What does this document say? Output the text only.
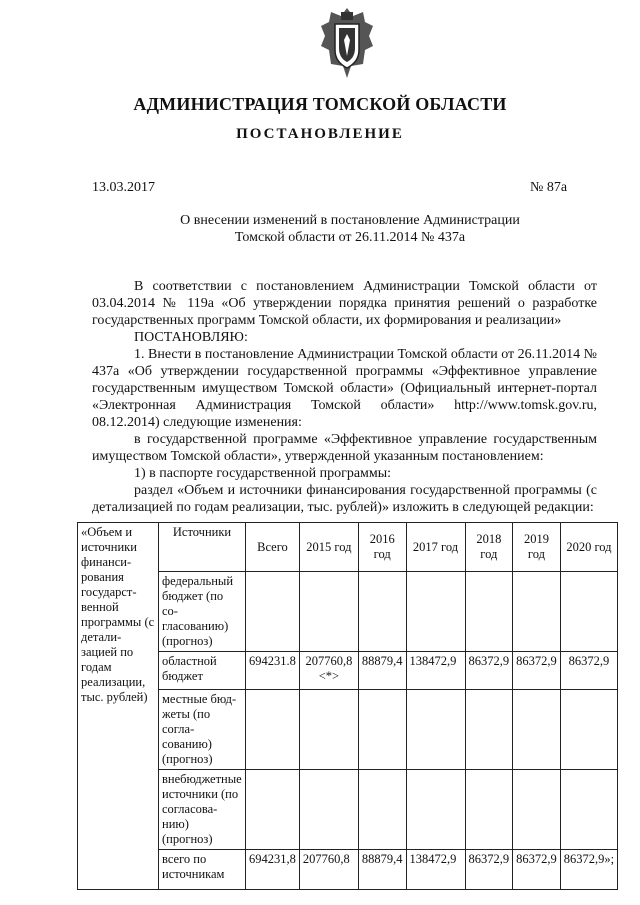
АДМИНИСТРАЦИЯ ТОМСКОЙ ОБЛАСТИ
ПОСТАНОВЛЕНИЕ
13.03.2017	№ 87а
О внесении изменений в постановление Администрации
Томской области от 26.11.2014 № 437а

В соответствии с постановлением Администрации Томской области от 03.04.2014 № 119а «Об утверждении порядка принятия решений о разработке государственных программ Томской области, их формирования и реализации»

ПОСТАНОВЛЯЮ:

1. Внести в постановление Администрации Томской области от 26.11.2014 № 437а «Об утверждении государственной программы «Эффективное управление государственным имуществом Томской области» (Официальный интернет-портал «Электронная Администрация Томской области» http://www.tomsk.gov.ru, 08.12.2014) следующие изменения:

в государственной программе «Эффективное управление государственным имуществом Томской области», утвержденной указанным постановлением:

1) в паспорте государственной программы:

раздел «Объем и источники финансирования государственной программы (с детализацией по годам реализации, тыс. рублей)» изложить в следующей редакции:

«Объем и источники финанси-рования государст-венной программы (с детали-зацией по годам реализации, тыс. рублей)	Источники	Всего	2015 год	2016 год	2017 год	2018 год	2019 год	2020 год
	федеральный бюджет (по со-гласованию) (прогноз)							
	областной бюджет	694231.8	207760,8 <*>	88879,4	138472,9	86372,9	86372,9	86372,9
	местные бюд-жеты (по согла-сованию) (прогноз)							
	внебюджетные источники (по согласова-нию) (прогноз)							
	всего по источникам	694231,8	207760,8	88879,4	138472,9	86372,9	86372,9	86372,9»;
